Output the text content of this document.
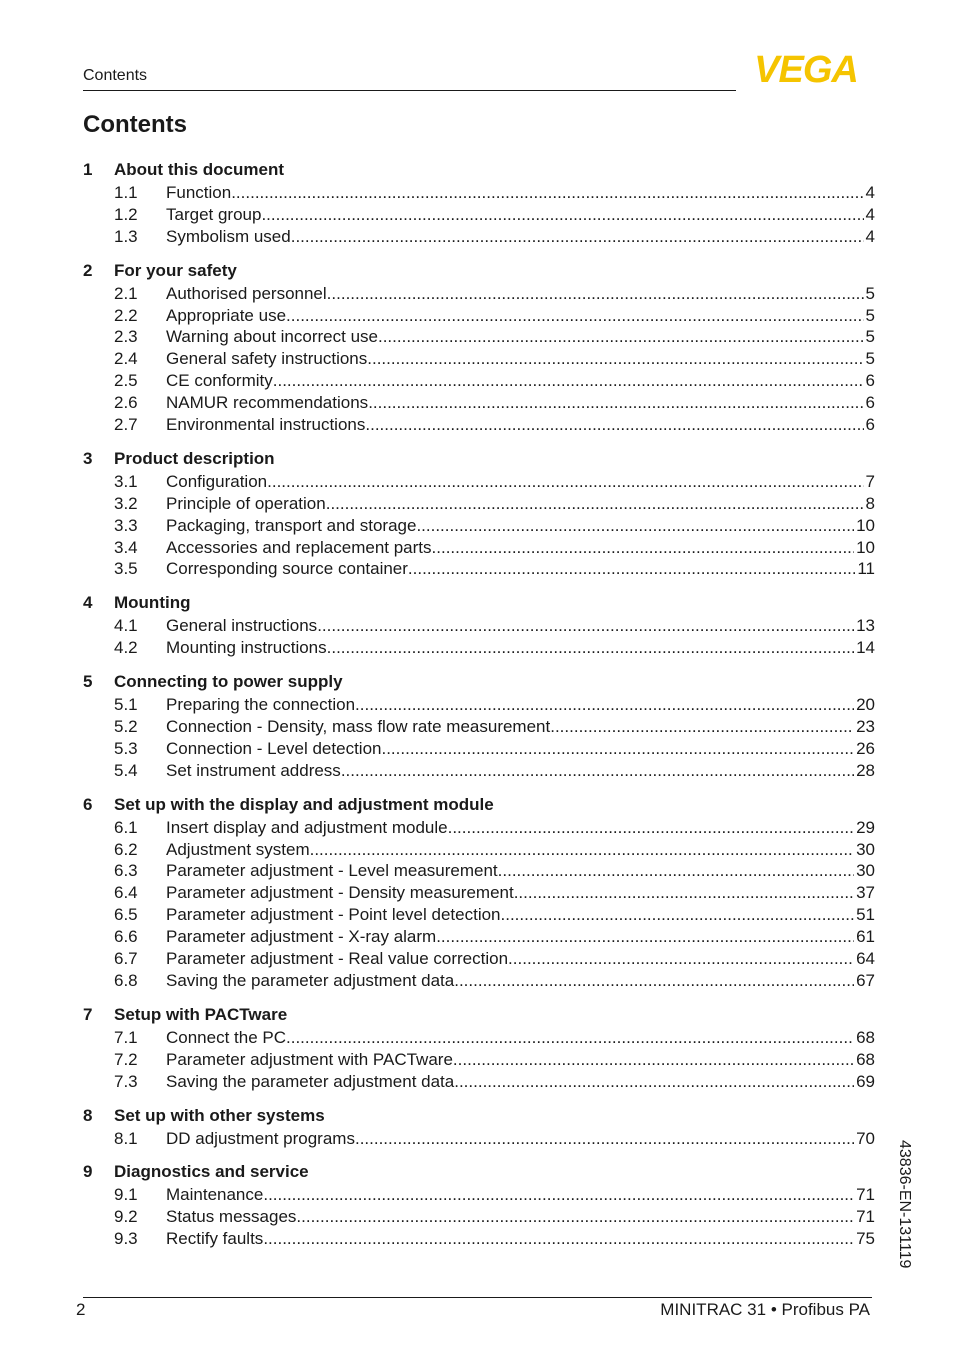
Contents	VEGA
Contents
1	About this document
1.1	Function .....	4
1.2	Target group .....	4
1.3	Symbolism used .....	4
2	For your safety
2.1	Authorised personnel .....	5
2.2	Appropriate use .....	5
2.3	Warning about incorrect use .....	5
2.4	General safety instructions .....	5
2.5	CE conformity .....	6
2.6	NAMUR recommendations .....	6
2.7	Environmental instructions .....	6
3	Product description
3.1	Configuration .....	7
3.2	Principle of operation .....	8
3.3	Packaging, transport and storage .....	10
3.4	Accessories and replacement parts .....	10
3.5	Corresponding source container .....	11
4	Mounting
4.1	General instructions .....	13
4.2	Mounting instructions .....	14
5	Connecting to power supply
5.1	Preparing the connection .....	20
5.2	Connection - Density, mass flow rate measurement .....	23
5.3	Connection - Level detection .....	26
5.4	Set instrument address .....	28
6	Set up with the display and adjustment module
6.1	Insert display and adjustment module .....	29
6.2	Adjustment system .....	30
6.3	Parameter adjustment - Level measurement .....	30
6.4	Parameter adjustment - Density measurement .....	37
6.5	Parameter adjustment - Point level detection .....	51
6.6	Parameter adjustment - X-ray alarm .....	61
6.7	Parameter adjustment - Real value correction .....	64
6.8	Saving the parameter adjustment data .....	67
7	Setup with PACTware
7.1	Connect the PC .....	68
7.2	Parameter adjustment with PACTware .....	68
7.3	Saving the parameter adjustment data .....	69
8	Set up with other systems
8.1	DD adjustment programs .....	70
9	Diagnostics and service
9.1	Maintenance .....	71
9.2	Status messages .....	71
9.3	Rectify faults .....	75
2	MINITRAC 31 • Profibus PA
43836-EN-131119
